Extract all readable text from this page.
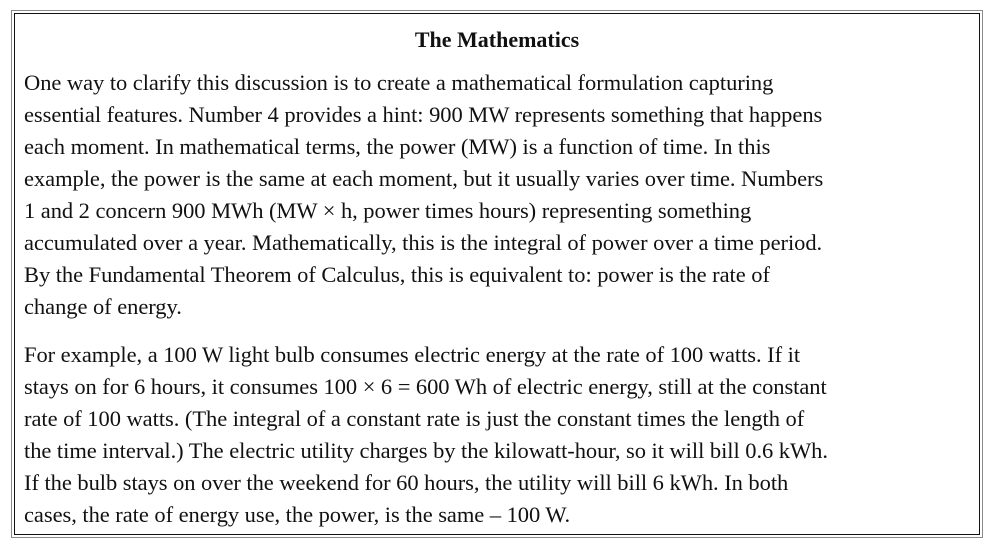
The Mathematics

One way to clarify this discussion is to create a mathematical formulation capturing
essential features. Number 4 provides a hint: 900 MW represents something that happens
each moment. In mathematical terms, the power (MW) is a function of time. In this
example, the power is the same at each moment, but it usually varies over time. Numbers
1 and 2 concern 900 MWh (MW × h, power times hours) representing something
accumulated over a year. Mathematically, this is the integral of power over a time period.
By the Fundamental Theorem of Calculus, this is equivalent to: power is the rate of
change of energy.

For example, a 100 W light bulb consumes electric energy at the rate of 100 watts. If it
stays on for 6 hours, it consumes 100 × 6 = 600 Wh of electric energy, still at the constant
rate of 100 watts. (The integral of a constant rate is just the constant times the length of
the time interval.) The electric utility charges by the kilowatt-hour, so it will bill 0.6 kWh.
If the bulb stays on over the weekend for 60 hours, the utility will bill 6 kWh. In both
cases, the rate of energy use, the power, is the same – 100 W.
